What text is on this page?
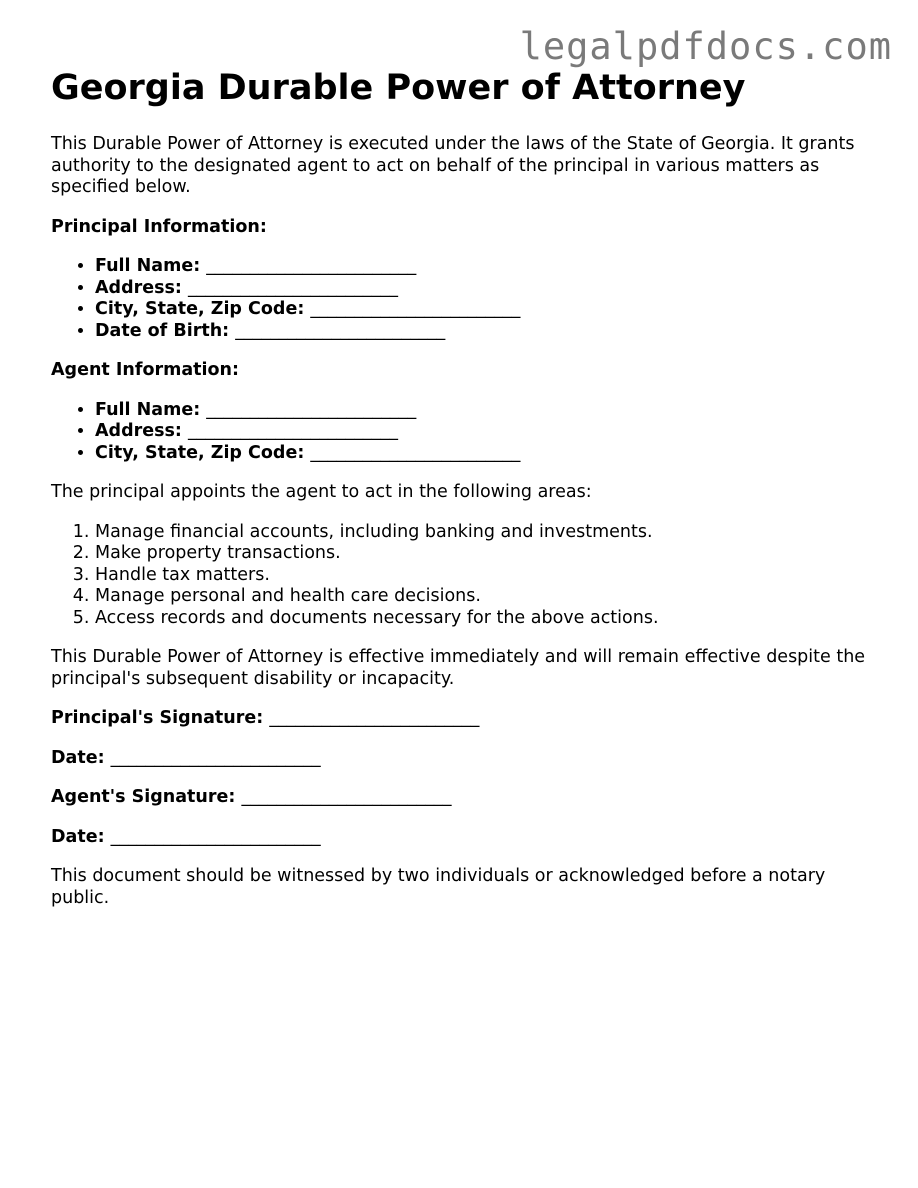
legalpdfdocs.com
Georgia Durable Power of Attorney

This Durable Power of Attorney is executed under the laws of the State of Georgia. It grants authority to the designated agent to act on behalf of the principal in various matters as specified below.

Principal Information:

• Full Name: ________________________
• Address: ________________________
• City, State, Zip Code: ________________________
• Date of Birth: ________________________

Agent Information:

• Full Name: ________________________
• Address: ________________________
• City, State, Zip Code: ________________________

The principal appoints the agent to act in the following areas:

1. Manage financial accounts, including banking and investments.
2. Make property transactions.
3. Handle tax matters.
4. Manage personal and health care decisions.
5. Access records and documents necessary for the above actions.

This Durable Power of Attorney is effective immediately and will remain effective despite the principal's subsequent disability or incapacity.

Principal's Signature: ________________________

Date: ________________________

Agent's Signature: ________________________

Date: ________________________

This document should be witnessed by two individuals or acknowledged before a notary public.
